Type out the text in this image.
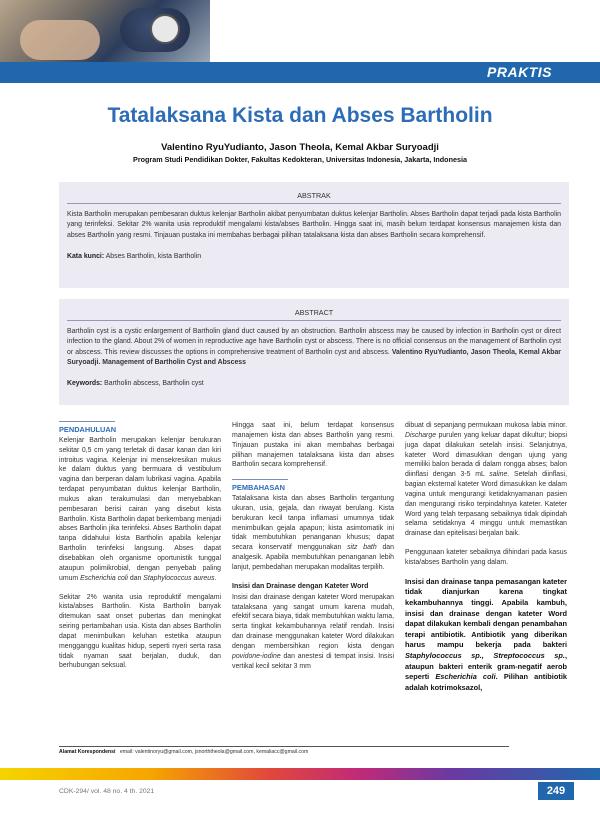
PRAKTIS
Tatalaksana Kista dan Abses Bartholin
Valentino RyuYudianto, Jason Theola, Kemal Akbar Suryoadji
Program Studi Pendidikan Dokter, Fakultas Kedokteran, Universitas Indonesia, Jakarta, Indonesia
ABSTRAK

Kista Bartholin merupakan pembesaran duktus kelenjar Bartholin akibat penyumbatan duktus kelenjar Bartholin. Abses Bartholin dapat terjadi pada kista Bartholin yang terinfeksi. Sekitar 2% wanita usia reproduktif mengalami kista/abses Bartholin. Hingga saat ini, masih belum terdapat konsensus manajemen kista dan abses Bartholin yang resmi. Tinjauan pustaka ini membahas berbagai pilihan tatalaksana kista dan abses Bartholin secara komprehensif.

Kata kunci: Abses Bartholin, kista Bartholin

ABSTRACT

Bartholin cyst is a cystic enlargement of Bartholin gland duct caused by an obstruction. Bartholin abscess may be caused by infection in Bartholin cyst or direct infection to the gland. About 2% of women in reproductive age have Bartholin cyst or abscess. There is no official consensus on the management of Bartholin cyst or abscess. This review discusses the options in comprehensive treatment of Bartholin cyst and abscess. Valentino RyuYudianto, Jason Theola, Kemal Akbar Suryoadji. Management of Bartholin Cyst and Abscess

Keywords: Bartholin abscess, Bartholin cyst

PENDAHULUAN

Kelenjar Bartholin merupakan kelenjar berukuran sekitar 0,5 cm yang terletak di dasar kanan dan kiri introitus vagina. Kelenjar ini mensekresikan mukus ke dalam duktus yang bermuara di vestibulum vagina dan berperan dalam lubrikasi vagina. Apabila terdapat penyumbatan duktus kelenjar Bartholin, mukus akan terakumulasi dan menyebabkan pembesaran berisi cairan yang disebut kista Bartholin. Kista Bartholin dapat berkembang menjadi abses Bartholin jika terinfeksi. Abses Bartholin dapat tanpa didahului kista Bartholin apabila kelenjar Bartholin terinfeksi langsung. Abses dapat disebabkan oleh organisme oportunistik tunggal ataupun polimikrobial, dengan penyebab paling umum Escherichia coli dan Staphylococcus aureus.

Sekitar 2% wanita usia reproduktif mengalami kista/abses Bartholin. Kista Bartholin banyak ditemukan saat onset pubertas dan meningkat seiring pertambahan usia. Kista dan abses Bartholin dapat menimbulkan keluhan estetika ataupun mengganggu kualitas hidup, seperti nyeri serta rasa tidak nyaman saat berjalan, duduk, dan berhubungan seksual.

Hingga saat ini, belum terdapat konsensus manajemen kista dan abses Bartholin yang resmi. Tinjauan pustaka ini akan membahas berbagai pilihan manajemen tatalaksana kista dan abses Bartholin secara komprehensif.

PEMBAHASAN

Tatalaksana kista dan abses Bartholin tergantung ukuran, usia, gejala, dan riwayat berulang. Kista berukuran kecil tanpa inflamasi umumnya tidak menimbulkan gejala apapun; kista asimtomatik ini tidak membutuhkan penanganan khusus; dapat secara konservatif menggunakan sitz bath dan analgesik. Apabila membutuhkan penanganan lebih lanjut, pembedahan merupakan modalitas terpilih.

Insisi dan Drainase dengan Kateter Word

Insisi dan drainase dengan kateter Word merupakan tatalaksana yang sangat umum karena mudah, efektif secara biaya, tidak membutuhkan waktu lama, serta tingkat kekambuhannya relatif rendah. Insisi dan drainase menggunakan kateter Word dilakukan dengan membersihkan region kista dengan povidone-iodine dan anestesi di tempat insisi. Insisi vertikal kecil sekitar 3 mm

dibuat di sepanjang permukaan mukosa labia minor. Discharge purulen yang keluar dapat dikultur; biopsi juga dapat dilakukan setelah insisi. Selanjutnya, kateter Word dimasukkan dengan ujung yang memiliki balon berada di dalam rongga abses; balon diinflasi dengan 3-5 mL saline. Setelah diinflasi, bagian eksternal kateter Word dimasukkan ke dalam vagina untuk mengurangi ketidaknyamanan pasien dan mengurangi risiko terpindahnya kateter. Kateter Word yang telah terpasang sebaiknya tidak dipindah selama setidaknya 4 minggu untuk memastikan drainase dan epitelisasi berjalan baik.

Penggunaan kateter sebaiknya dihindari pada kasus kista/abses Bartholin yang dalam.

Insisi dan drainase tanpa pemasangan kateter tidak dianjurkan karena tingkat kekambuhannya tinggi. Apabila kambuh, insisi dan drainase dengan kateter Word dapat dilakukan kembali dengan penambahan terapi antibiotik. Antibiotik yang diberikan harus mampu bekerja pada bakteri Staphylococcus sp., Streptococcus sp., ataupun bakteri enterik gram-negatif aerob seperti Escherichia coli. Pilihan antibiotik adalah kotrimoksazol,

Alamat Korespondensi email: valentinoryu@gmail.com, jsnorththeola@gmail.com, kemaliacc@gmail.com
CDK-294/ vol. 48 no. 4 th. 2021	249
